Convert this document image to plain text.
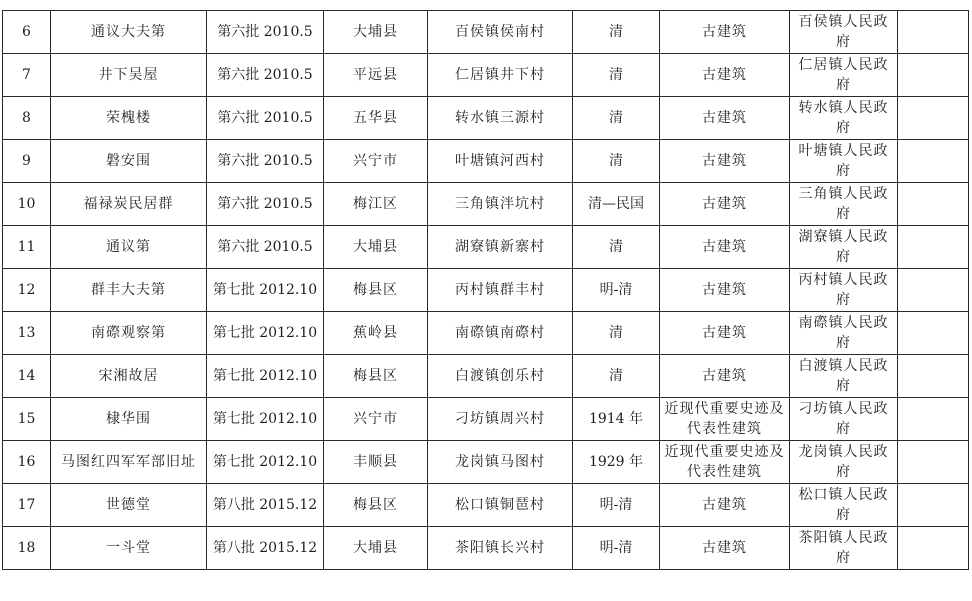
6	通议大夫第	第六批 2010.5	大埔县	百侯镇侯南村	清	古建筑	百侯镇人民政府	
7	井下吴屋	第六批 2010.5	平远县	仁居镇井下村	清	古建筑	仁居镇人民政府	
8	荣槐楼	第六批 2010.5	五华县	转水镇三源村	清	古建筑	转水镇人民政府	
9	磐安围	第六批 2010.5	兴宁市	叶塘镇河西村	清	古建筑	叶塘镇人民政府	
10	福禄炭民居群	第六批 2010.5	梅江区	三角镇泮坑村	清—民国	古建筑	三角镇人民政府	
11	通议第	第六批 2010.5	大埔县	湖寮镇新寨村	清	古建筑	湖寮镇人民政府	
12	群丰大夫第	第七批 2012.10	梅县区	丙村镇群丰村	明-清	古建筑	丙村镇人民政府	
13	南磜观察第	第七批 2012.10	蕉岭县	南磜镇南磜村	清	古建筑	南磜镇人民政府	
14	宋湘故居	第七批 2012.10	梅县区	白渡镇创乐村	清	古建筑	白渡镇人民政府	
15	棣华围	第七批 2012.10	兴宁市	刁坊镇周兴村	1914 年	近现代重要史迹及代表性建筑	刁坊镇人民政府	
16	马图红四军军部旧址	第七批 2012.10	丰顺县	龙岗镇马图村	1929 年	近现代重要史迹及代表性建筑	龙岗镇人民政府	
17	世德堂	第八批 2015.12	梅县区	松口镇铜琶村	明-清	古建筑	松口镇人民政府	
18	一斗堂	第八批 2015.12	大埔县	茶阳镇长兴村	明-清	古建筑	茶阳镇人民政府	
